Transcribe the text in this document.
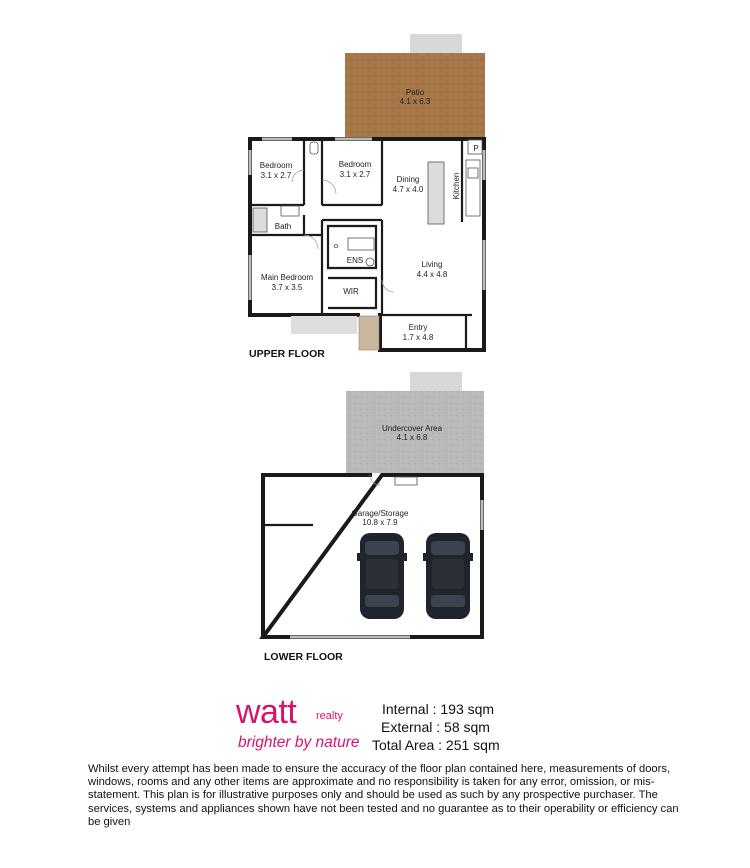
Patio
4.1 x 6.3
Bedroom
3.1 x 2.7
Bedroom
3.1 x 2.7
Dining
4.7 x 4.0	Kitchen
P
Bath
ENS
Main Bedroom
3.7 x 3.5	WIR
Living
4.4 x 4.8
Entry
1.7 x 4.8
UPPER FLOOR
Undercover Area
4.1 x 6.8
Garage/Storage
10.8 x 7.9
LOWER FLOOR
watt realty
brighter by nature
Internal : 193 sqm
External : 58 sqm
Total Area : 251 sqm
Whilst every attempt has been made to ensure the accuracy of the floor plan contained here, measurements of doors, windows, rooms and any other items are approximate and no responsibility is taken for any error, omission, or mis-statement. This plan is for illustrative purposes only and should be used as such by any prospective purchaser. The services, systems and appliances shown have not been tested and no guarantee as to their operability or efficiency can be given
